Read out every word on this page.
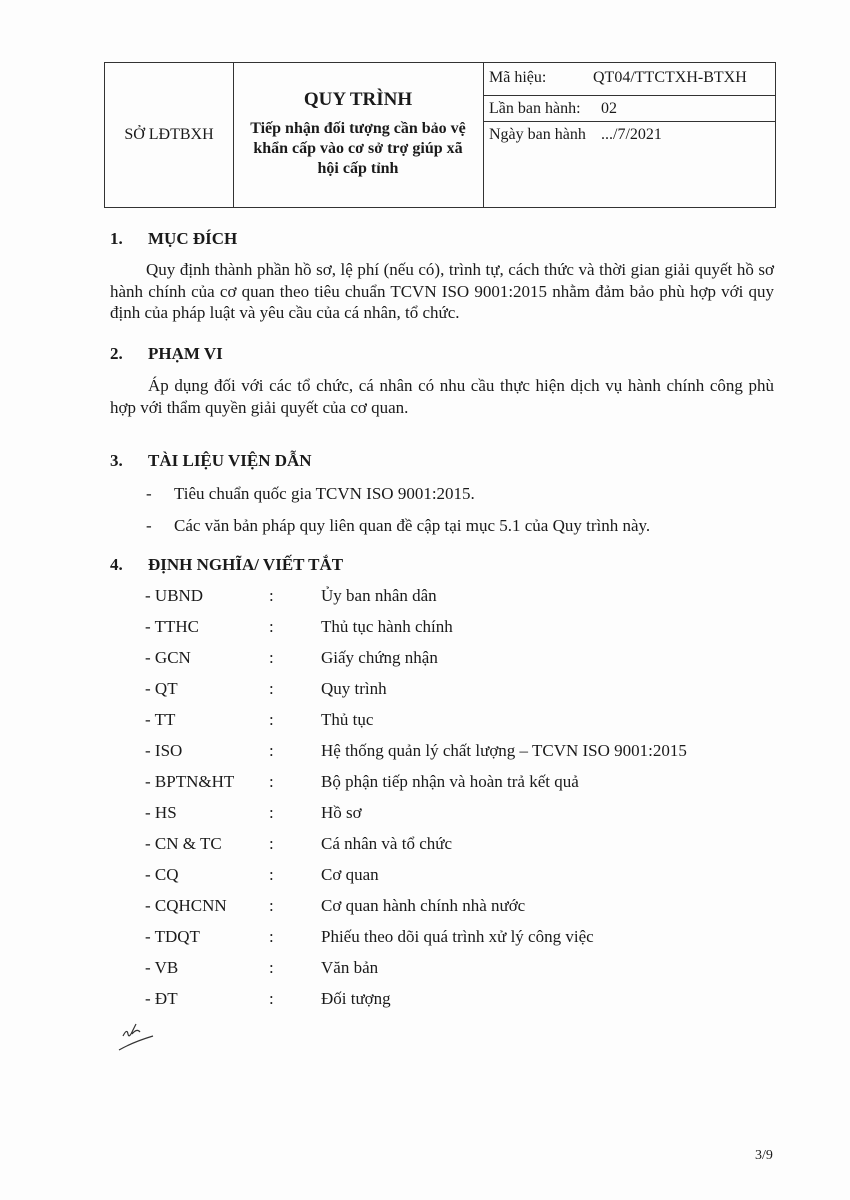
SỞ LĐTBXH
QUY TRÌNH
Tiếp nhận đối tượng cần bảo vệ khẩn cấp vào cơ sở trợ giúp xã hội cấp tỉnh
Mã hiệu:	QT04/TTCTXH-BTXH
Lần ban hành: 02
Ngày ban hành .../7/2021
1. MỤC ĐÍCH
Quy định thành phần hồ sơ, lệ phí (nếu có), trình tự, cách thức và thời gian giải quyết hồ sơ hành chính của cơ quan theo tiêu chuẩn TCVN ISO 9001:2015 nhằm đảm bảo phù hợp với quy định của pháp luật và yêu cầu của cá nhân, tổ chức.
2. PHẠM VI
Áp dụng đối với các tổ chức, cá nhân có nhu cầu thực hiện dịch vụ hành chính công phù hợp với thẩm quyền giải quyết của cơ quan.
3. TÀI LIỆU VIỆN DẪN
- Tiêu chuẩn quốc gia TCVN ISO 9001:2015.
- Các văn bản pháp quy liên quan đề cập tại mục 5.1 của Quy trình này.
4. ĐỊNH NGHĨA/ VIẾT TẮT
- UBND	:	Ủy ban nhân dân
- TTHC	:	Thủ tục hành chính
- GCN	:	Giấy chứng nhận
- QT	:	Quy trình
- TT	:	Thủ tục
- ISO	:	Hệ thống quản lý chất lượng – TCVN ISO 9001:2015
- BPTN&HT :	Bộ phận tiếp nhận và hoàn trả kết quả
- HS	:	Hồ sơ
- CN & TC	:	Cá nhân và tổ chức
- CQ	:	Cơ quan
- CQHCNN :	Cơ quan hành chính nhà nước
- TDQT	:	Phiếu theo dõi quá trình xử lý công việc
- VB	:	Văn bản
- ĐT	:	Đối tượng
3/9
